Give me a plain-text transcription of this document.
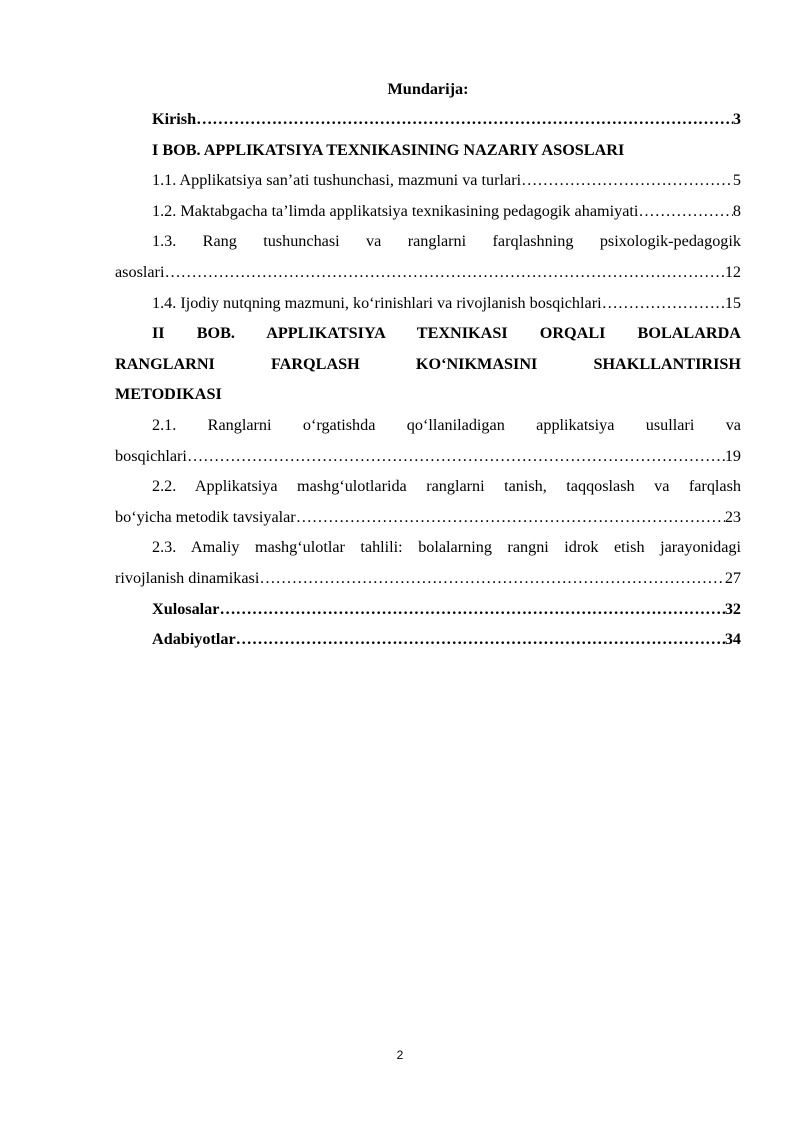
Mundarija:
Kirish …………………………………………………………………………………………………………………………………………………………………………………………	3
I BOB. APPLIKATSIYA TEXNIKASINING NAZARIY ASOSLARI
1.1. Applikatsiya san’ati tushunchasi, mazmuni va turlari …………………………………………………………………………………………………………………………………………………………………………………………	5
1.2. Maktabgacha ta’limda applikatsiya texnikasining pedagogik ahamiyati …………………………………………………………………………………………………………………………………………………………………………………………	8
1.3. Rang tushunchasi va ranglarni farqlashning psixologik-pedagogik
asoslari …………………………………………………………………………………………………………………………………………………………………………………………	12
1.4. Ijodiy nutqning mazmuni, ko‘rinishlari va rivojlanish bosqichlari …………………………………………………………………………………………………………………………………………………………………………………………	15
II BOB. APPLIKATSIYA TEXNIKASI ORQALI BOLALARDA
RANGLARNI FARQLASH KO‘NIKMASINI SHAKLLANTIRISH
METODIKASI
2.1. Ranglarni o‘rgatishda qo‘llaniladigan applikatsiya usullari va
bosqichlari …………………………………………………………………………………………………………………………………………………………………………………………	19
2.2. Applikatsiya mashg‘ulotlarida ranglarni tanish, taqqoslash va farqlash
bo‘yicha metodik tavsiyalar …………………………………………………………………………………………………………………………………………………………………………………………	23
2.3. Amaliy mashg‘ulotlar tahlili: bolalarning rangni idrok etish jarayonidagi
rivojlanish dinamikasi …………………………………………………………………………………………………………………………………………………………………………………………	27
Xulosalar …………………………………………………………………………………………………………………………………………………………………………………………	32
Adabiyotlar …………………………………………………………………………………………………………………………………………………………………………………………	34
2
